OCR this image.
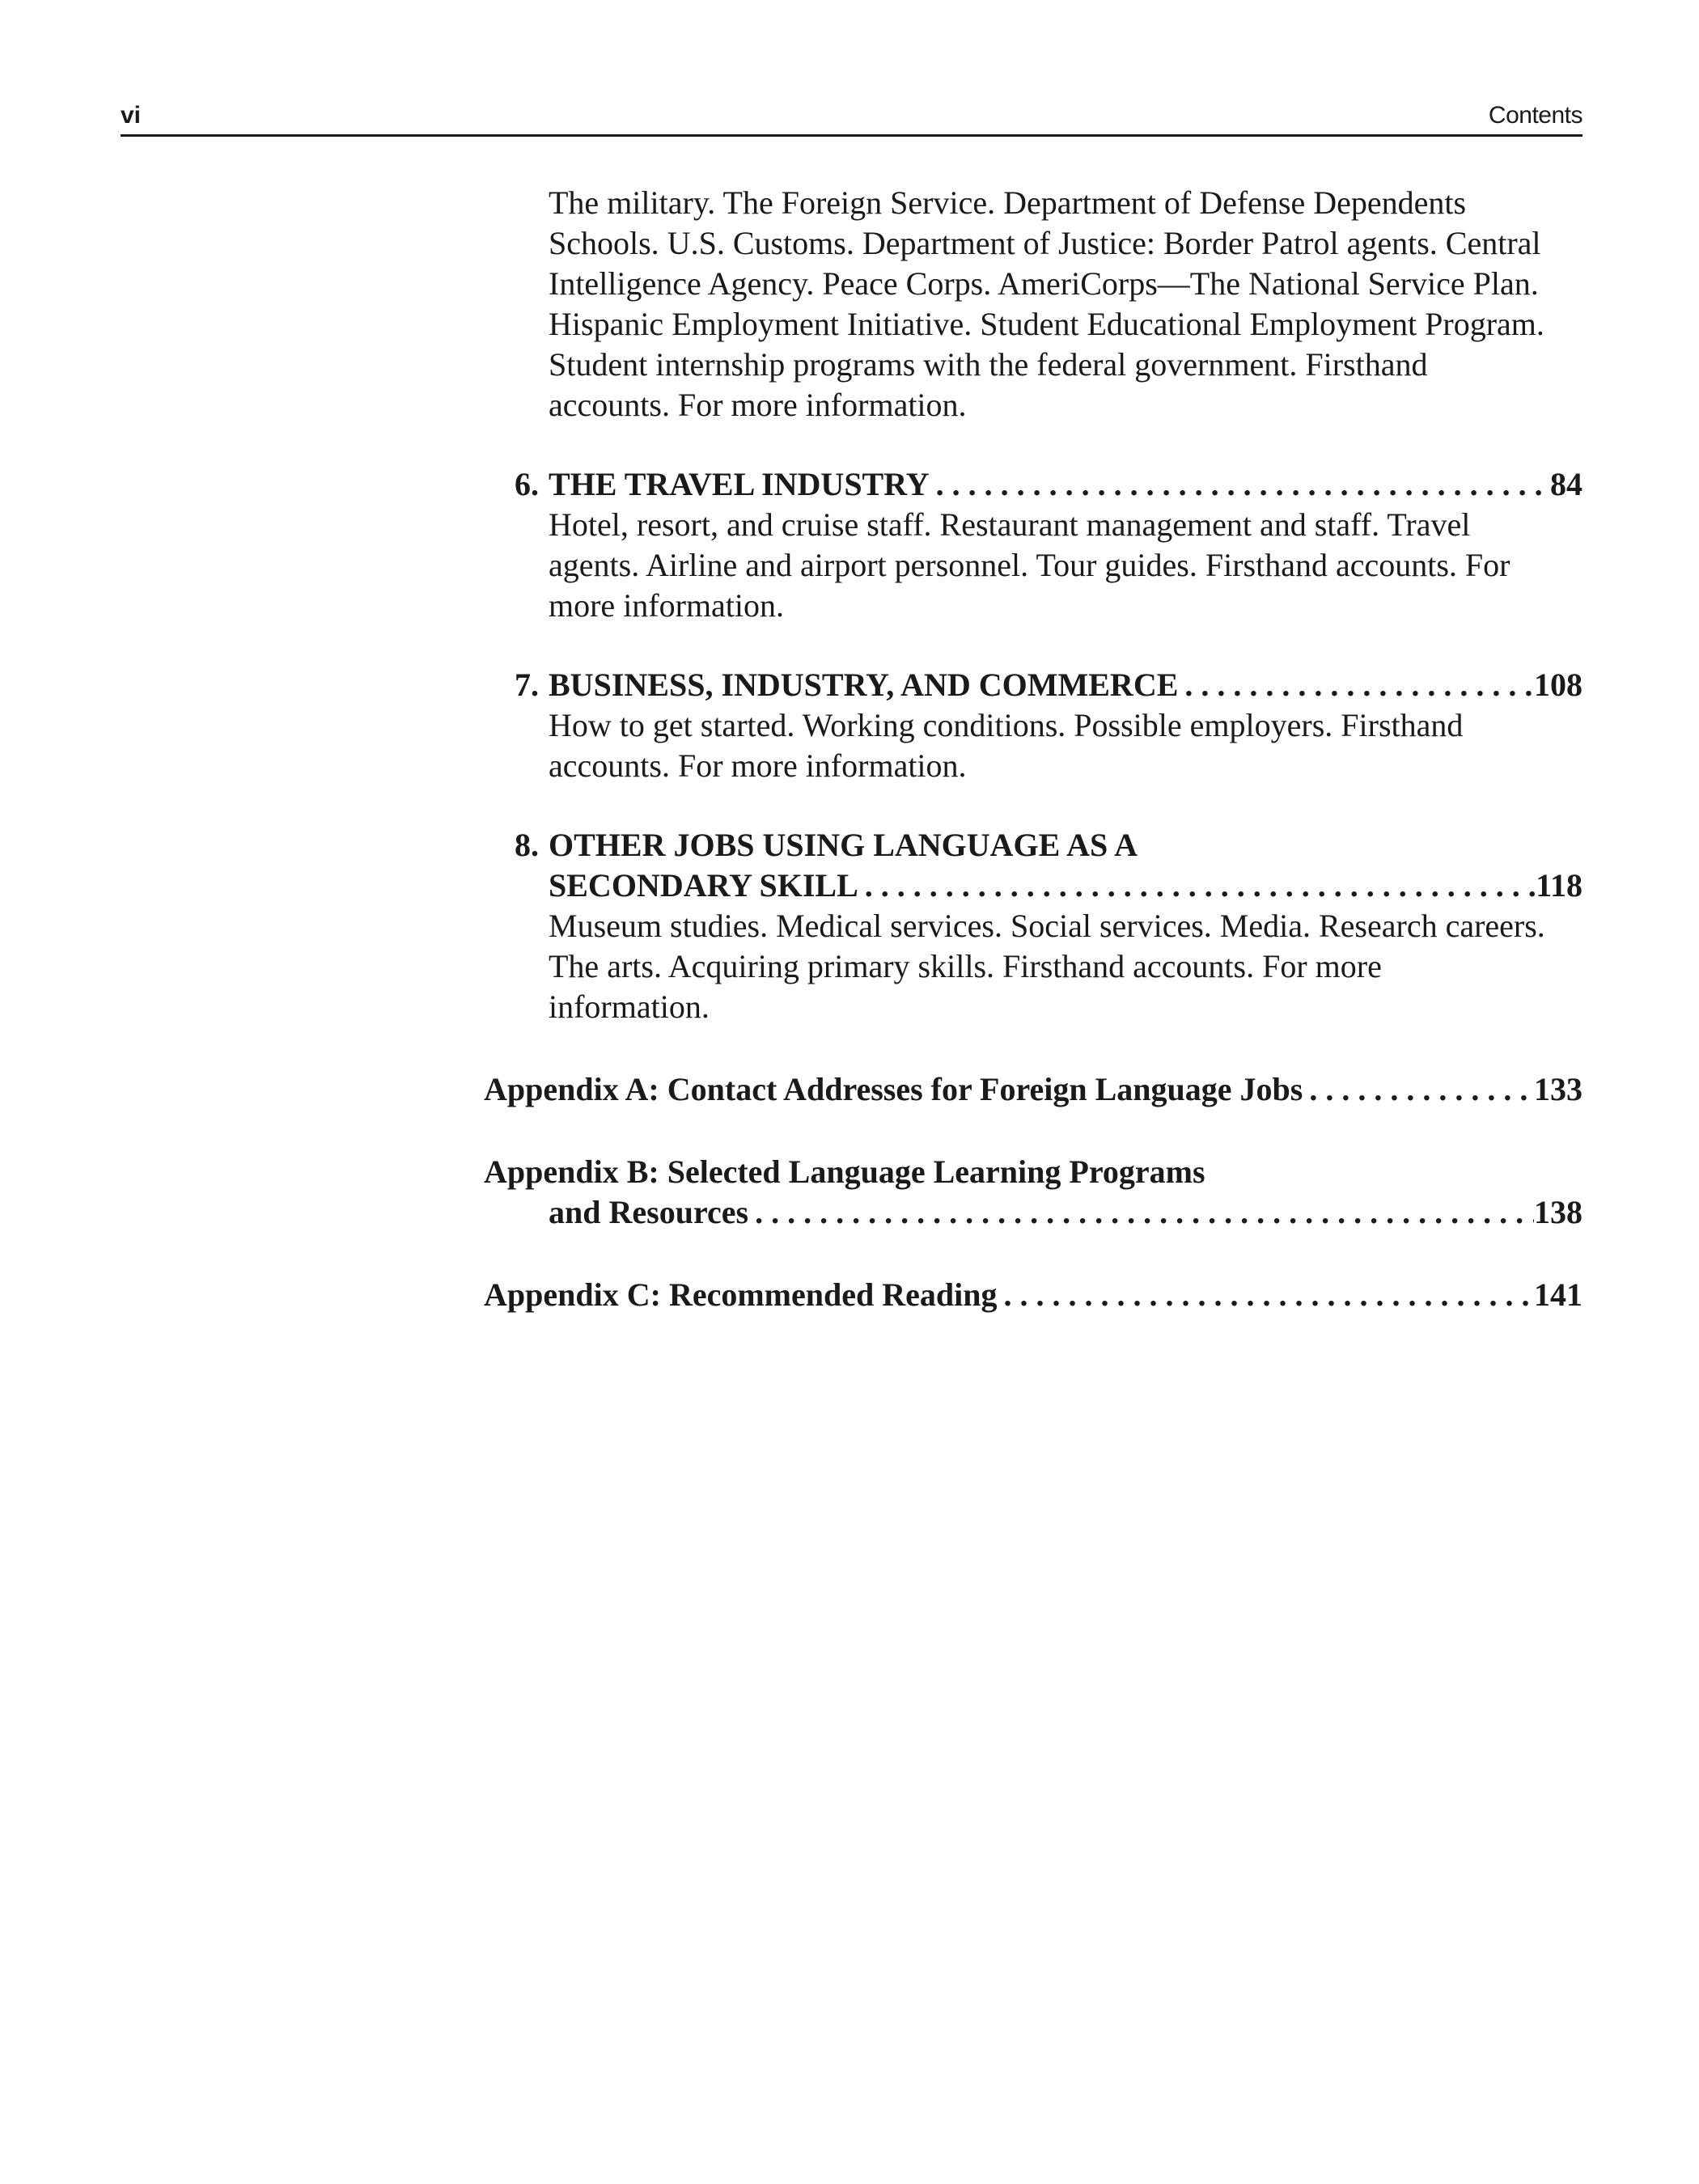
vi	Contents
The military. The Foreign Service. Department of Defense Dependents Schools. U.S. Customs. Department of Justice: Border Patrol agents. Central Intelligence Agency. Peace Corps. AmeriCorps—The National Service Plan. Hispanic Employment Initiative. Student Educational Employment Program. Student internship programs with the federal government. Firsthand accounts. For more information.
6. THE TRAVEL INDUSTRY . . .	84
Hotel, resort, and cruise staff. Restaurant management and staff. Travel agents. Airline and airport personnel. Tour guides. Firsthand accounts. For more information.
7. BUSINESS, INDUSTRY, AND COMMERCE . . .	108
How to get started. Working conditions. Possible employers. Firsthand accounts. For more information.
8. OTHER JOBS USING LANGUAGE AS A
SECONDARY SKILL . . .	118
Museum studies. Medical services. Social services. Media. Research careers. The arts. Acquiring primary skills. Firsthand accounts. For more information.
Appendix A: Contact Addresses for Foreign Language Jobs . . .	133
Appendix B: Selected Language Learning Programs
and Resources . . .	138
Appendix C: Recommended Reading . . .	141
